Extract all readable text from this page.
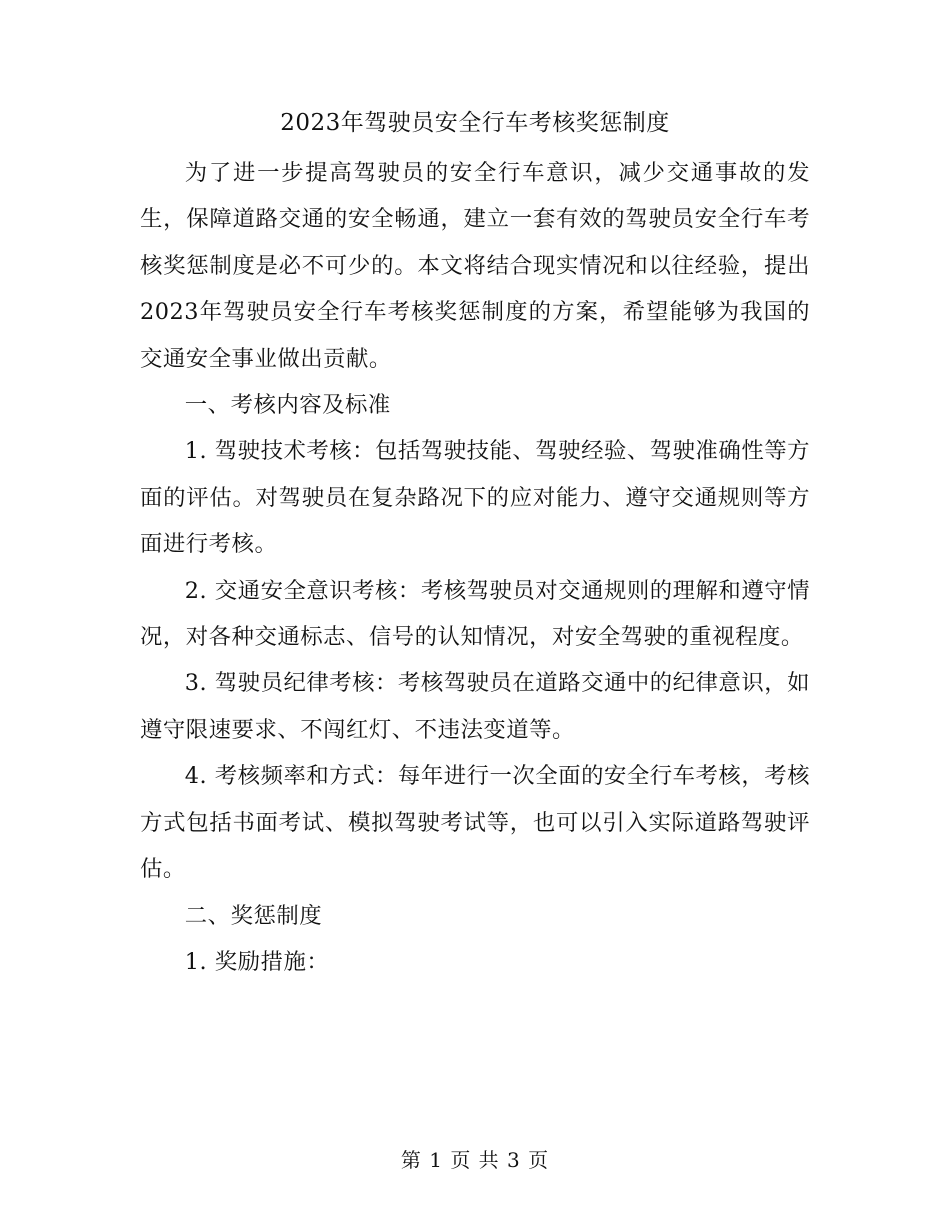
2023年驾驶员安全行车考核奖惩制度

为了进一步提高驾驶员的安全行车意识，减少交通事故的发生，保障道路交通的安全畅通，建立一套有效的驾驶员安全行车考核奖惩制度是必不可少的。本文将结合现实情况和以往经验，提出2023年驾驶员安全行车考核奖惩制度的方案，希望能够为我国的交通安全事业做出贡献。

一、考核内容及标准

1. 驾驶技术考核：包括驾驶技能、驾驶经验、驾驶准确性等方面的评估。对驾驶员在复杂路况下的应对能力、遵守交通规则等方面进行考核。

2. 交通安全意识考核：考核驾驶员对交通规则的理解和遵守情况，对各种交通标志、信号的认知情况，对安全驾驶的重视程度。

3. 驾驶员纪律考核：考核驾驶员在道路交通中的纪律意识，如遵守限速要求、不闯红灯、不违法变道等。

4. 考核频率和方式：每年进行一次全面的安全行车考核，考核方式包括书面考试、模拟驾驶考试等，也可以引入实际道路驾驶评估。

二、奖惩制度

1. 奖励措施：

第 1 页 共 3 页
